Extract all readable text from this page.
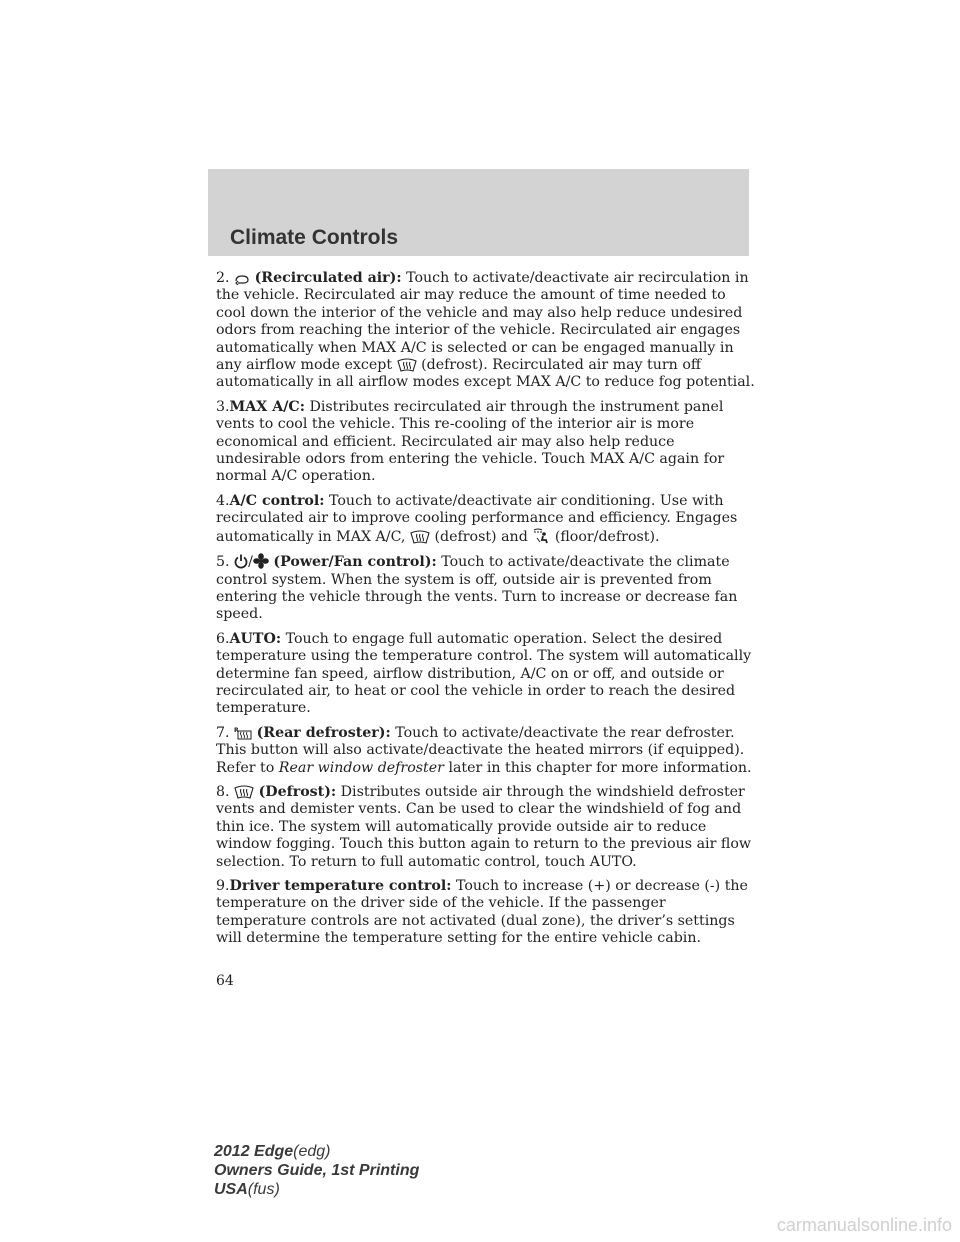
Climate Controls

2. (Recirculated air): Touch to activate/deactivate air recirculation in the vehicle. Recirculated air may reduce the amount of time needed to cool down the interior of the vehicle and may also help reduce undesired odors from reaching the interior of the vehicle. Recirculated air engages automatically when MAX A/C is selected or can be engaged manually in any airflow mode except (defrost). Recirculated air may turn off automatically in all airflow modes except MAX A/C to reduce fog potential.

3.MAX A/C: Distributes recirculated air through the instrument panel vents to cool the vehicle. This re-cooling of the interior air is more economical and efficient. Recirculated air may also help reduce undesirable odors from entering the vehicle. Touch MAX A/C again for normal A/C operation.

4.A/C control: Touch to activate/deactivate air conditioning. Use with recirculated air to improve cooling performance and efficiency. Engages automatically in MAX A/C, (defrost) and (floor/defrost).

5. / (Power/Fan control): Touch to activate/deactivate the climate control system. When the system is off, outside air is prevented from entering the vehicle through the vents. Turn to increase or decrease fan speed.

6.AUTO: Touch to engage full automatic operation. Select the desired temperature using the temperature control. The system will automatically determine fan speed, airflow distribution, A/C on or off, and outside or recirculated air, to heat or cool the vehicle in order to reach the desired temperature.

7. R (Rear defroster): Touch to activate/deactivate the rear defroster. This button will also activate/deactivate the heated mirrors (if equipped). Refer to Rear window defroster later in this chapter for more information.

8. (Defrost): Distributes outside air through the windshield defroster vents and demister vents. Can be used to clear the windshield of fog and thin ice. The system will automatically provide outside air to reduce window fogging. Touch this button again to return to the previous air flow selection. To return to full automatic control, touch AUTO.

9.Driver temperature control: Touch to increase (+) or decrease (-) the temperature on the driver side of the vehicle. If the passenger temperature controls are not activated (dual zone), the driver’s settings will determine the temperature setting for the entire vehicle cabin.

64
2012 Edge(edg)
Owners Guide, 1st Printing
USA(fus)
carmanualsonline.info
